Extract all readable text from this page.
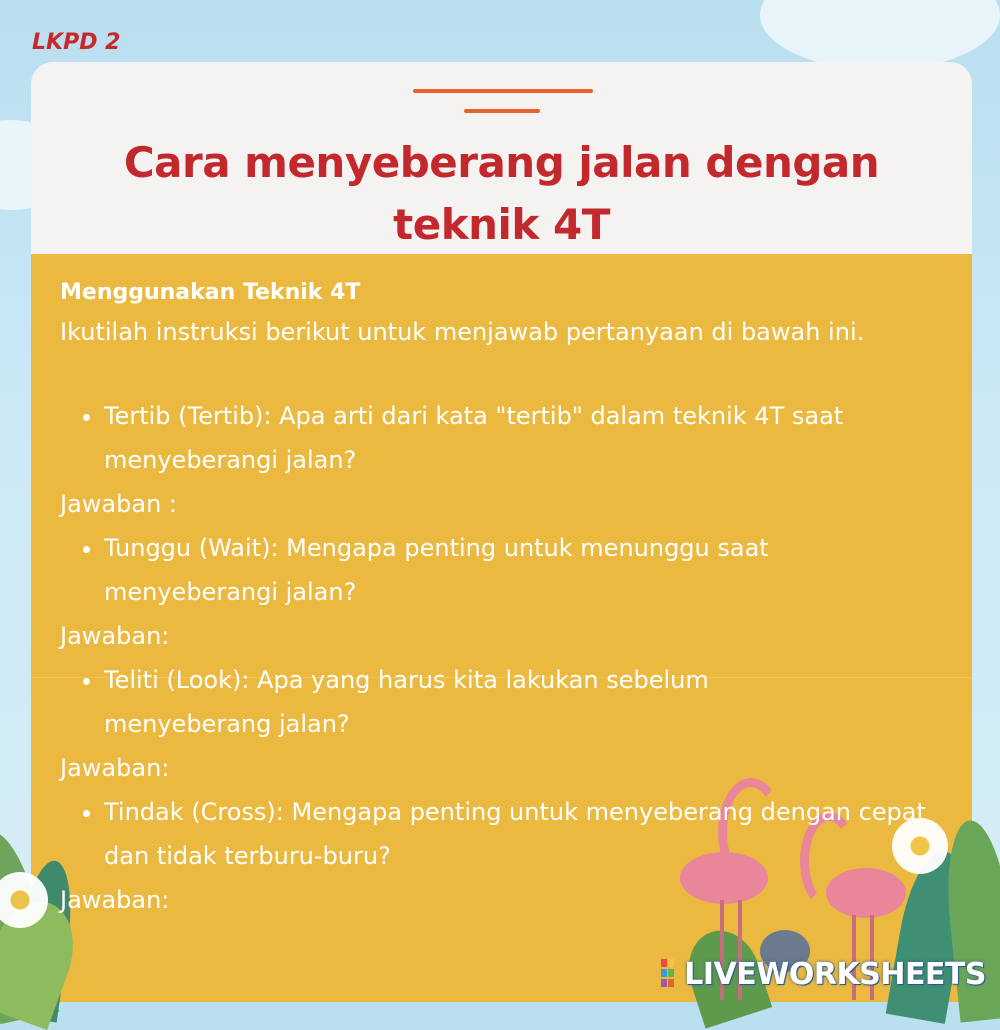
LKPD 2
Cara menyeberang jalan dengan teknik 4T

Menggunakan Teknik 4T

Ikutilah instruksi berikut untuk menjawab pertanyaan di bawah ini.

• Tertib (Tertib): Apa arti dari kata "tertib" dalam teknik 4T saat menyeberangi jalan?

Jawaban :

• Tunggu (Wait): Mengapa penting untuk menunggu saat menyeberangi jalan?

Jawaban:

• Teliti (Look): Apa yang harus kita lakukan sebelum menyeberang jalan?

Jawaban:

• Tindak (Cross): Mengapa penting untuk menyeberang dengan cepat dan tidak terburu-buru?

Jawaban:

LIVEWORKSHEETS
